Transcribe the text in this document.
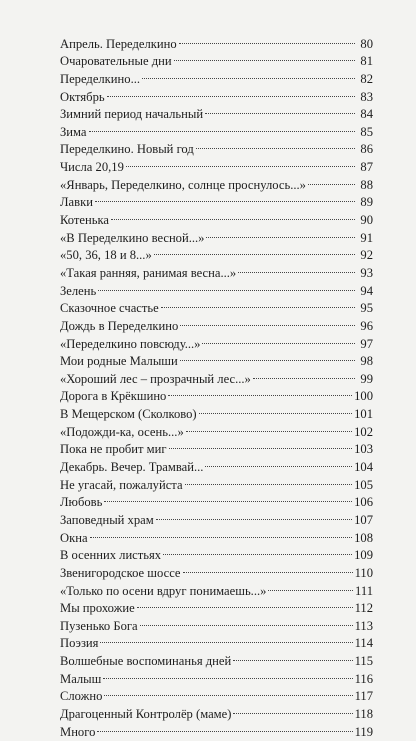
Апрель. Переделкино	80
Очаровательные дни	81
Переделкино...	82
Октябрь	83
Зимний период начальный	84
Зима	85
Переделкино. Новый год	86
Числа 20,19	87
«Январь, Переделкино, солнце проснулось...»	88
Лавки	89
Котенька	90
«В Переделкино весной...»	91
«50, 36, 18 и 8...»	92
«Такая ранняя, ранимая весна...»	93
Зелень	94
Сказочное счастье	95
Дождь в Переделкино	96
«Переделкино повсюду...»	97
Мои родные Малыши	98
«Хороший лес – прозрачный лес...»	99
Дорога в Крёкшино	100
В Мещерском (Сколково)	101
«Подожди-ка, осень...»	102
Пока не пробит миг	103
Декабрь. Вечер. Трамвай...	104
Не угасай, пожалуйста	105
Любовь	106
Заповедный храм	107
Окна	108
В осенних листьях	109
Звенигородское шоссе	110
«Только по осени вдруг понимаешь...»	111
Мы прохожие	112
Пузенько Бога	113
Поэзия	114
Волшебные воспоминанья дней	115
Малыш	116
Сложно	117
Драгоценный Контролёр (маме)	118
Много	119
